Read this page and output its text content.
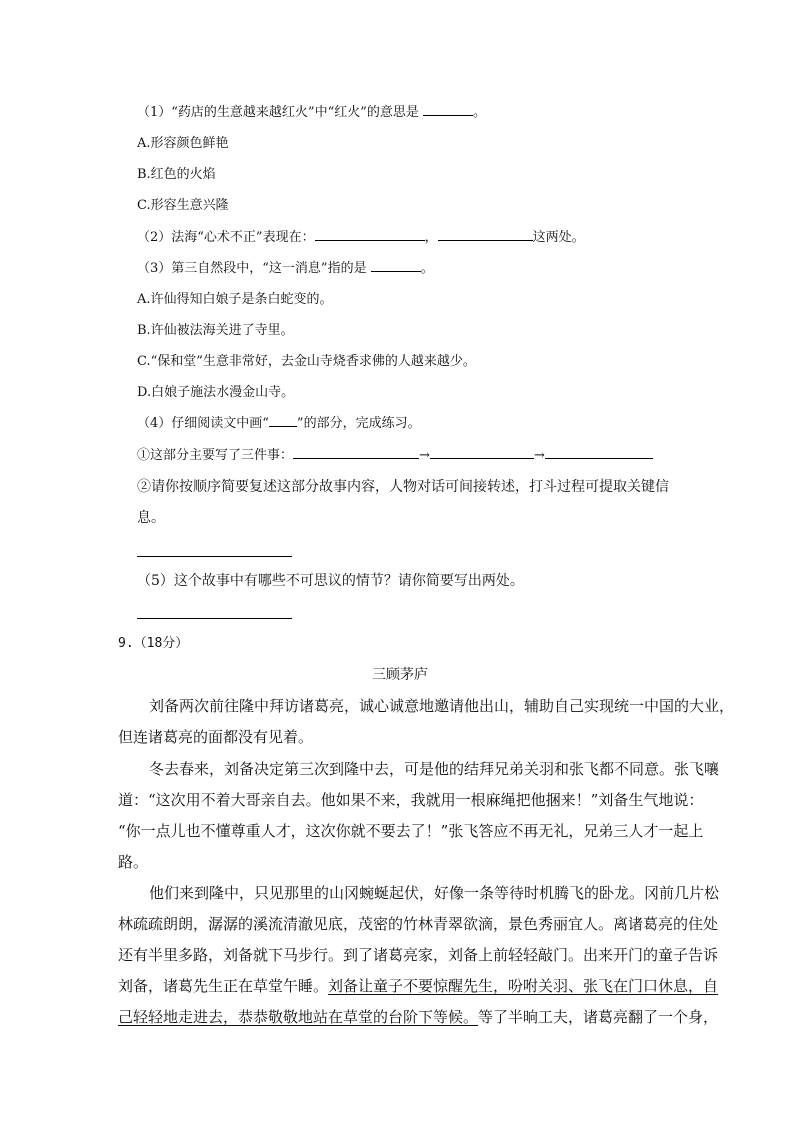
（1）“药店的生意越来越红火”中“红火”的意思是	。
A.形容颜色鲜艳
B.红色的火焰
C.形容生意兴隆
（2）法海“心术不正”表现在：	，	这两处。
（3）第三自然段中，“这一消息”指的是	。
A.许仙得知白娘子是条白蛇变的。
B.许仙被法海关进了寺里。
C.“保和堂”生意非常好，去金山寺烧香求佛的人越来越少。
D.白娘子施法水漫金山寺。
（4）仔细阅读文中画“ ”的部分，完成练习。
①这部分主要写了三件事：	→	→
②请你按顺序简要复述这部分故事内容，人物对话可间接转述，打斗过程可提取关键信
息。
（5）这个故事中有哪些不可思议的情节？请你简要写出两处。
9.（18分）
三顾茅庐
刘备两次前往隆中拜访诸葛亮，诚心诚意地邀请他出山，辅助自己实现统一中国的大业，
但连诸葛亮的面都没有见着。
冬去春来，刘备决定第三次到隆中去，可是他的结拜兄弟关羽和张飞都不同意。张飞嚷
道：“这次用不着大哥亲自去。他如果不来，我就用一根麻绳把他捆来！”刘备生气地说：
“你一点儿也不懂尊重人才，这次你就不要去了！”张飞答应不再无礼，兄弟三人才一起上
路。
他们来到隆中，只见那里的山冈蜿蜒起伏，好像一条等待时机腾飞的卧龙。冈前几片松
林疏疏朗朗，潺潺的溪流清澈见底，茂密的竹林青翠欲滴，景色秀丽宜人。离诸葛亮的住处
还有半里多路，刘备就下马步行。到了诸葛亮家，刘备上前轻轻敲门。出来开门的童子告诉
刘备，诸葛先生正在草堂午睡。刘备让童子不要惊醒先生，吩咐关羽、张飞在门口休息，自
己轻轻地走进去，恭恭敬敬地站在草堂的台阶下等候。等了半晌工夫，诸葛亮翻了一个身，
